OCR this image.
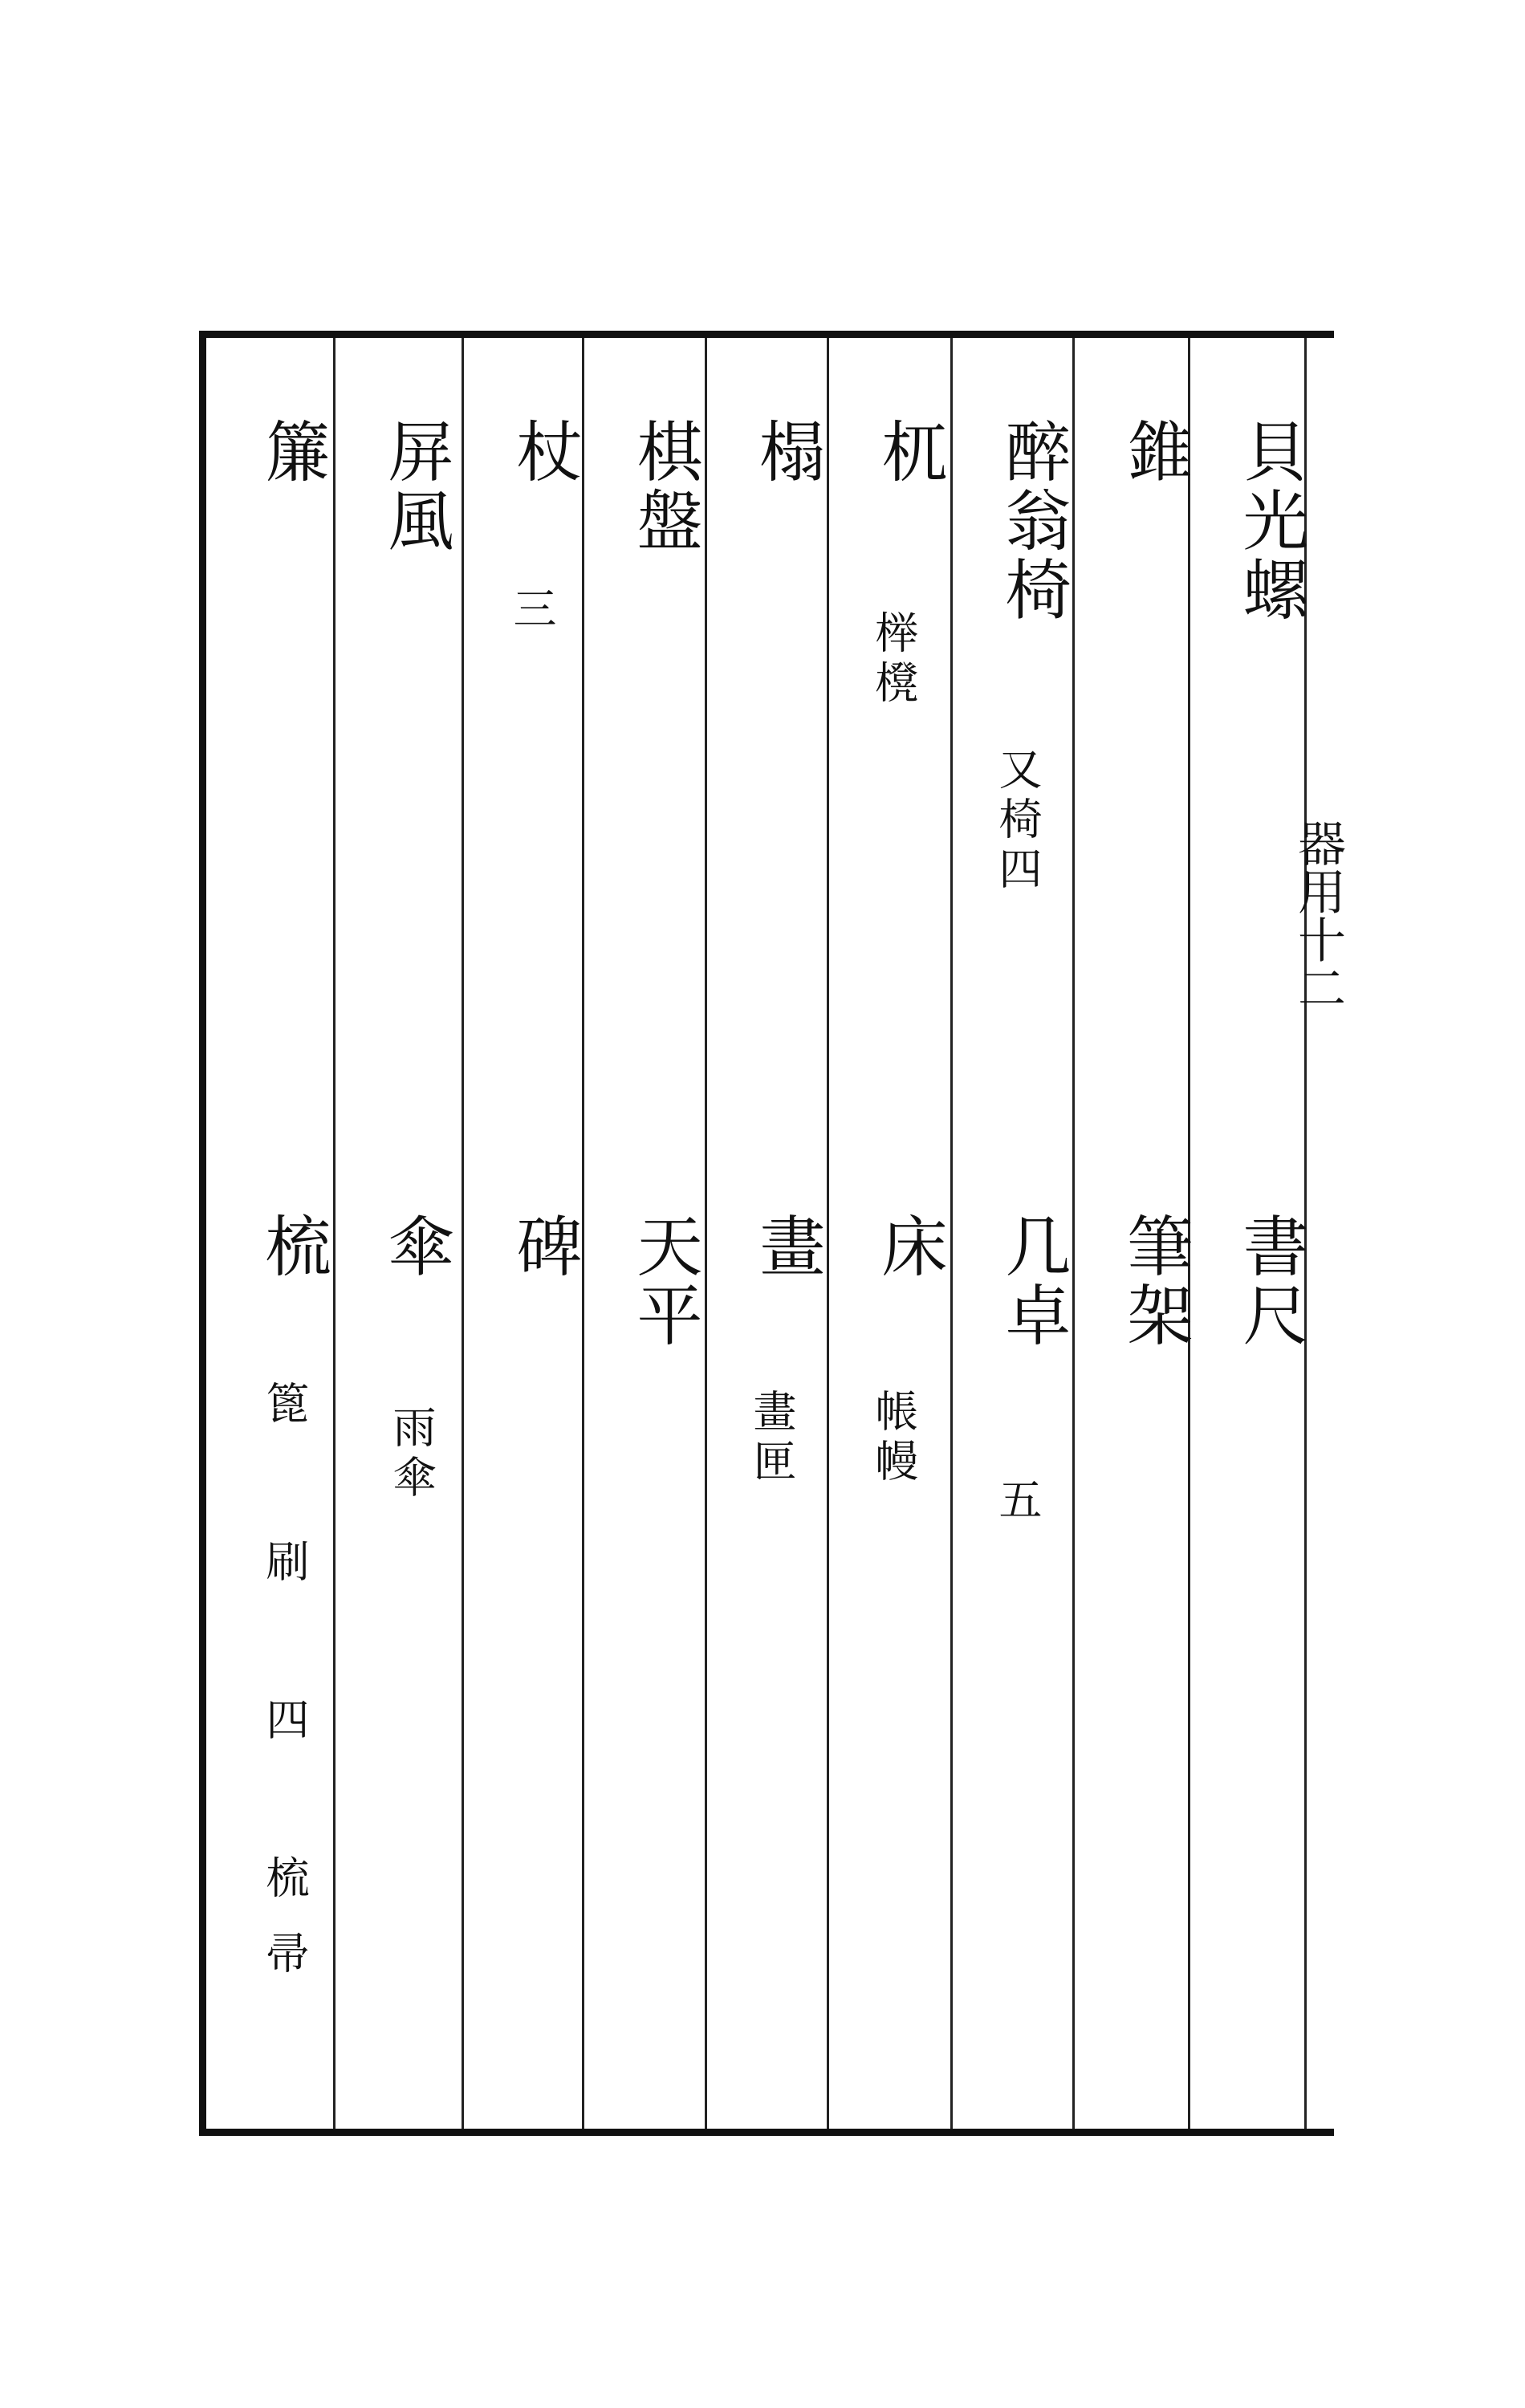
貝光螺
書尺
錐
筆架
醉翁椅
又椅四
几卓
五
杌
榉櫈
床
帳幔
榻
畫
畫匣
棋盤
天平
杖
三
碑
屏風
傘
雨傘
簾
梳
篦 刷 四 梳帚
器用十二
